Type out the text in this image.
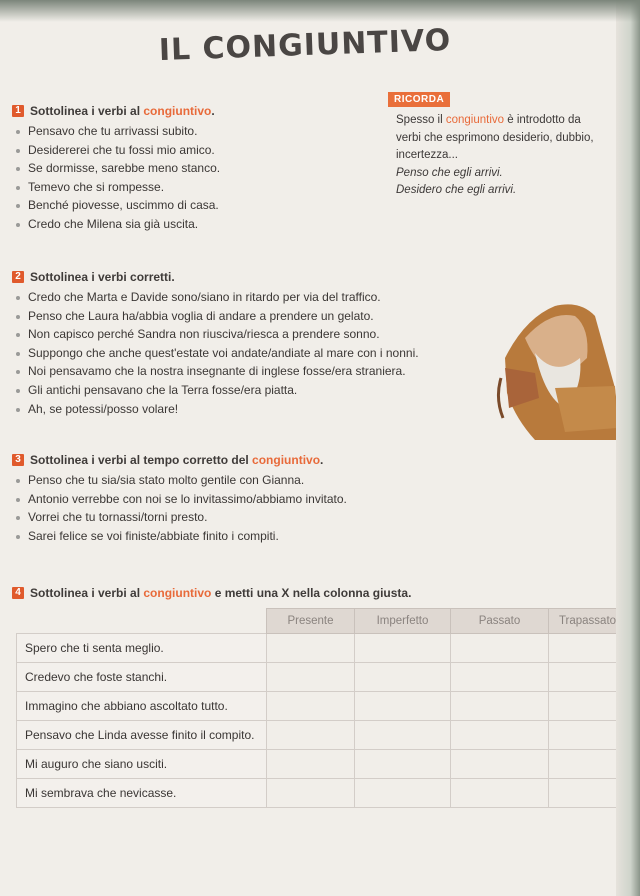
IL CONGIUNTIVO
1 Sottolinea i verbi al congiuntivo.
Pensavo che tu arrivassi subito.
Desidererei che tu fossi mio amico.
Se dormisse, sarebbe meno stanco.
Temevo che si rompesse.
Benché piovesse, uscimmo di casa.
Credo che Milena sia già uscita.
RICORDA
Spesso il congiuntivo è introdotto da verbi che esprimono desiderio, dubbio, incertezza...
Penso che egli arrivi.
Desidero che egli arrivi.
2 Sottolinea i verbi corretti.
Credo che Marta e Davide sono/siano in ritardo per via del traffico.
Penso che Laura ha/abbia voglia di andare a prendere un gelato.
Non capisco perché Sandra non riusciva/riesca a prendere sonno.
Suppongo che anche quest'estate voi andate/andiate al mare con i nonni.
Noi pensavamo che la nostra insegnante di inglese fosse/era straniera.
Gli antichi pensavano che la Terra fosse/era piatta.
Ah, se potessi/posso volare!
3 Sottolinea i verbi al tempo corretto del congiuntivo.
Penso che tu sia/sia stato molto gentile con Gianna.
Antonio verrebbe con noi se lo invitassimo/abbiamo invitato.
Vorrei che tu tornassi/torni presto.
Sarei felice se voi finiste/abbiate finito i compiti.
4 Sottolinea i verbi al congiuntivo e metti una X nella colonna giusta.
	Presente	Imperfetto	Passato	Trapassato
Spero che ti senta meglio.				
Credevo che foste stanchi.				
Immagino che abbiano ascoltato tutto.				
Pensavo che Linda avesse finito il compito.				
Mi auguro che siano usciti.				
Mi sembrava che nevicasse.				
